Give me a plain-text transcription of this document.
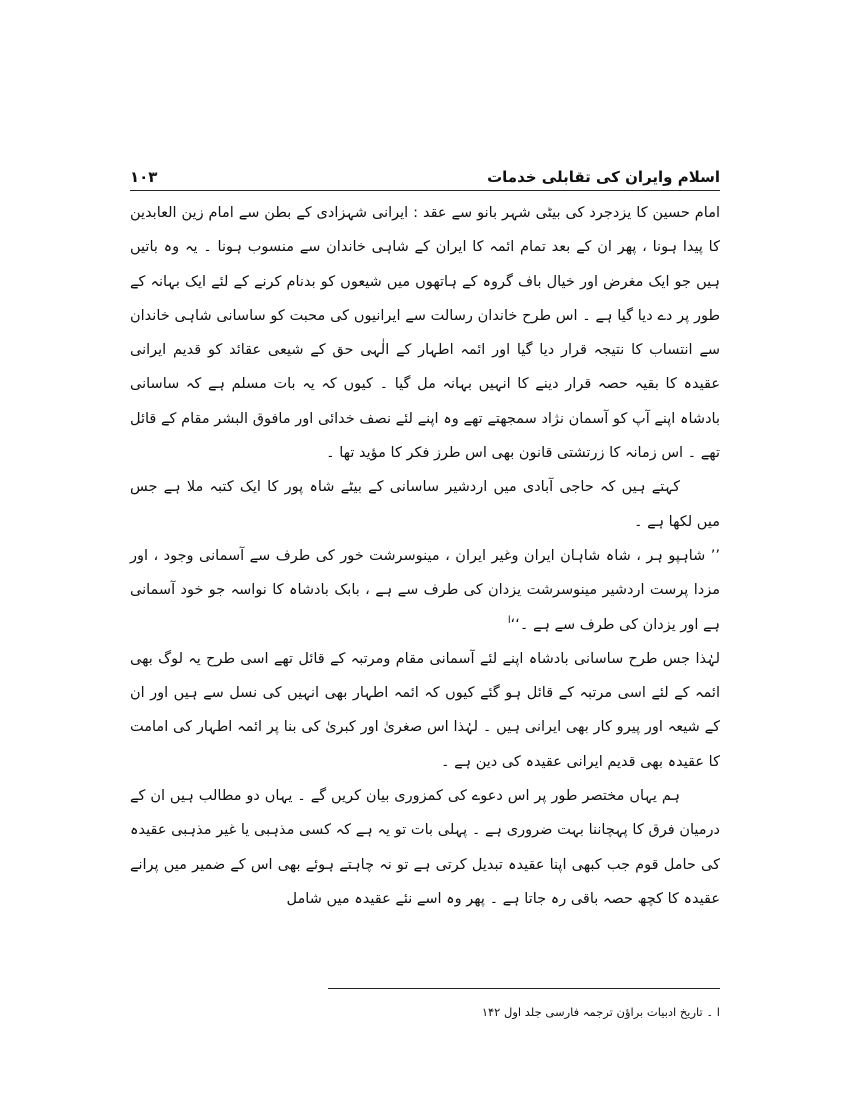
اسلام وایران کی تقابلی خدمات
۱۰۳

امام حسین کا یزدجرد کی بیٹی شہر بانو سے عقد : ایرانی شہزادی کے بطن سے امام زین العابدین کا پیدا ہونا ، پھر ان کے بعد تمام ائمہ کا ایران کے شاہی خاندان سے منسوب ہونا ۔ یہ وہ باتیں ہیں جو ایک مغرض اور خیال باف گروہ کے ہاتھوں میں شیعوں کو بدنام کرنے کے لئے ایک بہانہ کے طور پر دے دیا گیا ہے ۔ اس طرح خاندان رسالت سے ایرانیوں کی محبت کو ساسانی شاہی خاندان سے انتساب کا نتیجہ قرار دیا گیا اور ائمہ اطہار کے الٰہی حق کے شیعی عقائد کو قدیم ایرانی عقیدہ کا بقیہ حصہ قرار دینے کا انہیں بہانہ مل گیا ۔ کیوں کہ یہ بات مسلم ہے کہ ساسانی بادشاہ اپنے آپ کو آسمان نژاد سمجھتے تھے وہ اپنے لئے نصف خدائی اور مافوق البشر مقام کے قائل تھے ۔ اس زمانہ کا زرتشتی قانون بھی اس طرز فکر کا مؤید تھا ۔

کہتے ہیں کہ حاجی آبادی میں اردشیر ساسانی کے بیٹے شاہ پور کا ایک کتبہ ملا ہے جس میں لکھا ہے ۔

’’ شاہپو ہر ، شاہ شاہان ایران وغیر ایران ، مینوسرشت خور کی طرف سے آسمانی وجود ، اور مزدا پرست اردشیر مینوسرشت یزدان کی طرف سے ہے ، بابک بادشاہ کا نواسہ جو خود آسمانی ہے اور یزدان کی طرف سے ہے ۔‘‘$^ا$

لہٰذا جس طرح ساسانی بادشاہ اپنے لئے آسمانی مقام ومرتبہ کے قائل تھے اسی طرح یہ لوگ بھی ائمہ کے لئے اسی مرتبہ کے قائل ہو گئے کیوں کہ ائمہ اطہار بھی انہیں کی نسل سے ہیں اور ان کے شیعہ اور پیرو کار بھی ایرانی ہیں ۔ لہٰذا اس صغریٰ اور کبریٰ کی بنا پر ائمہ اطہار کی امامت کا عقیدہ بھی قدیم ایرانی عقیدہ کی دین ہے ۔

ہم یہاں مختصر طور پر اس دعوے کی کمزوری بیان کریں گے ۔ یہاں دو مطالب ہیں ان کے درمیان فرق کا پہچاننا بہت ضروری ہے ۔ پہلی بات تو یہ ہے کہ کسی مذہبی یا غیر مذہبی عقیدہ کی حامل قوم جب کبھی اپنا عقیدہ تبدیل کرتی ہے تو نہ چاہتے ہوئے بھی اس کے ضمیر میں پرانے عقیدہ کا کچھ حصہ باقی رہ جاتا ہے ۔ پھر وہ اسے نئے عقیدہ میں شامل

ا ۔ تاریخ ادبیات براؤن ترجمہ فارسی جلد اول ۱۴۲
